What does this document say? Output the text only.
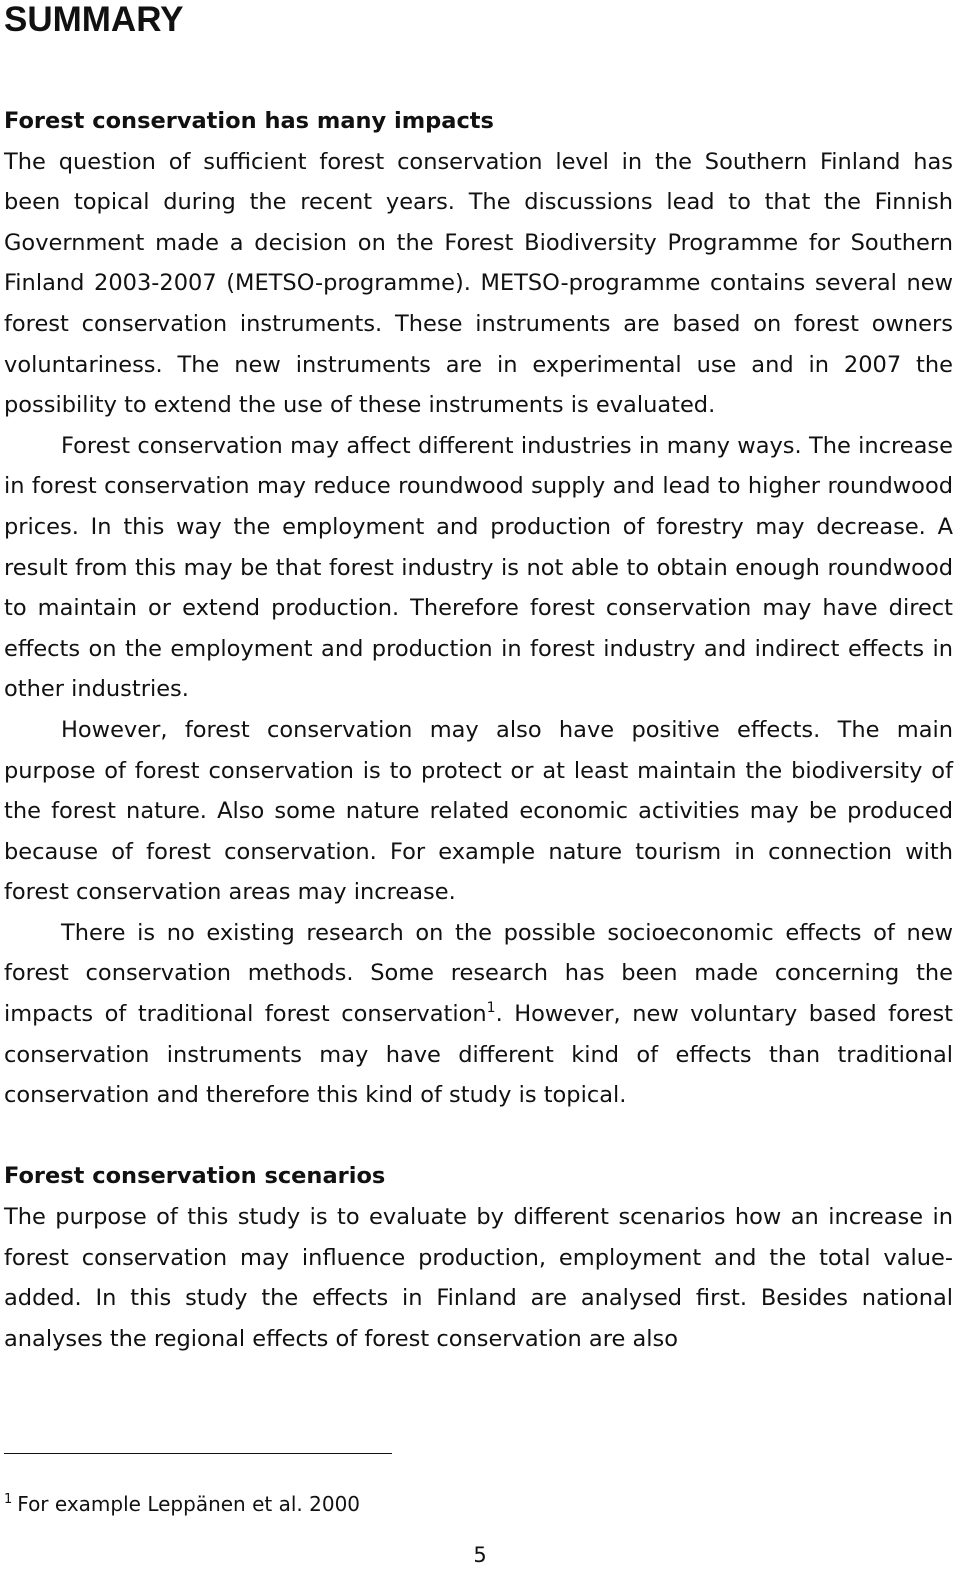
SUMMARY
Forest conservation has many impacts

The question of sufficient forest conservation level in the Southern Finland has been topical during the recent years. The discussions lead to that the Finnish Government made a decision on the Forest Biodiversity Programme for Southern Finland 2003-2007 (METSO-programme). METSO-programme contains several new forest conservation instruments. These instruments are based on forest owners voluntariness. The new instruments are in experimental use and in 2007 the possibility to extend the use of these instruments is evaluated.

Forest conservation may affect different industries in many ways. The increase in forest conservation may reduce roundwood supply and lead to higher roundwood prices. In this way the employment and production of forestry may decrease. A result from this may be that forest industry is not able to obtain enough roundwood to maintain or extend production. Therefore forest conservation may have direct effects on the employment and production in forest industry and indirect effects in other industries.

However, forest conservation may also have positive effects. The main purpose of forest conservation is to protect or at least maintain the biodiversity of the forest nature. Also some nature related economic activities may be produced because of forest conservation. For example nature tourism in connection with forest conservation areas may increase.

There is no existing research on the possible socioeconomic effects of new forest conservation methods. Some research has been made concerning the impacts of traditional forest conservation$^1$. However, new voluntary based forest conservation instruments may have different kind of effects than traditional conservation and therefore this kind of study is topical.

Forest conservation scenarios

The purpose of this study is to evaluate by different scenarios how an increase in forest conservation may influence production, employment and the total value-added. In this study the effects in Finland are analysed first. Besides national analyses the regional effects of forest conservation are also

$^1$ For example Leppänen et al. 2000
5
